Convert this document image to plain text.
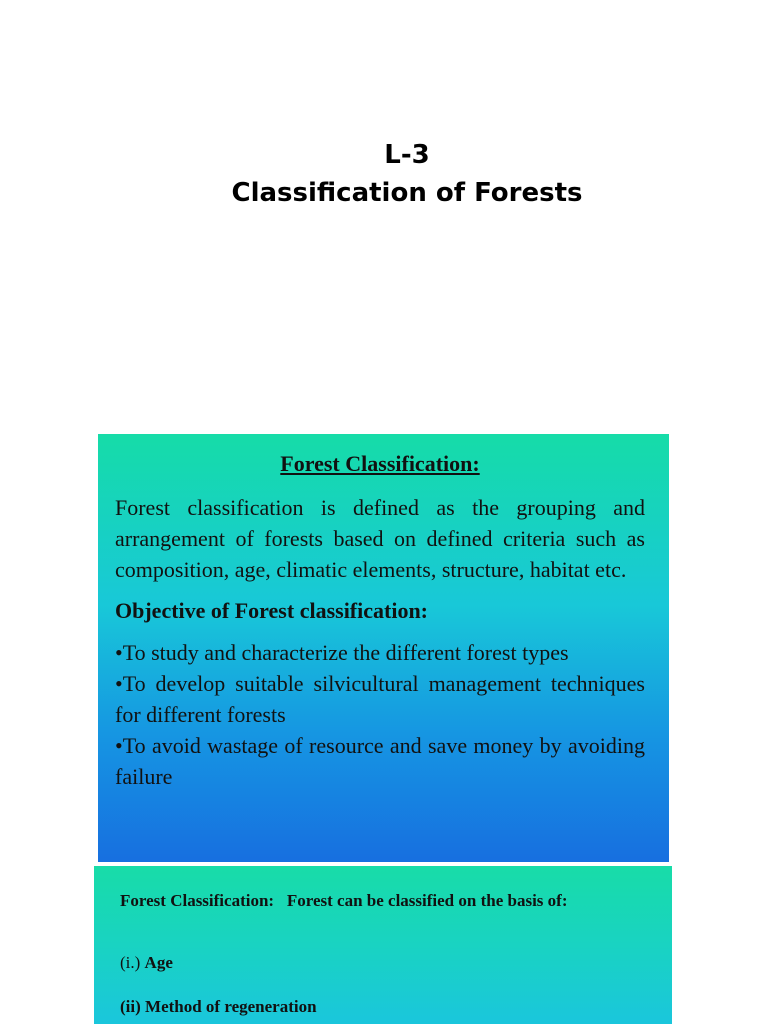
L-3
Classification of Forests
Forest Classification:

Forest classification is defined as the grouping and arrangement of forests based on defined criteria such as composition, age, climatic elements, structure, habitat etc.

Objective of Forest classification:
•To study and characterize the different forest types
•To develop suitable silvicultural management techniques for different forests
•To avoid wastage of resource and save money by avoiding failure
Forest Classification:   Forest can be classified on the basis of:
(i.) Age
(ii) Method of regeneration
